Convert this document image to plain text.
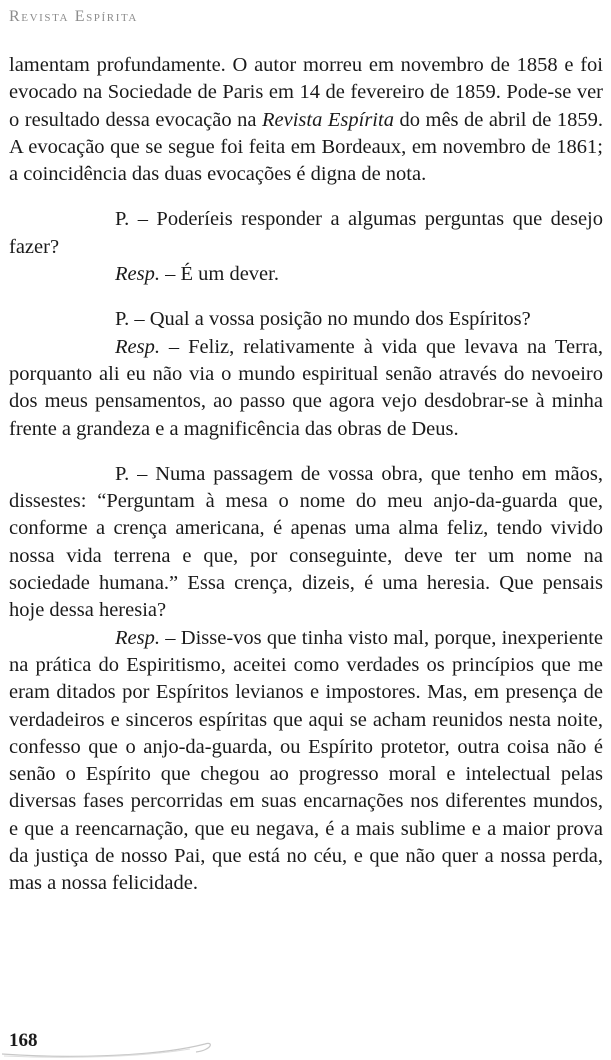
Revista Espírita

lamentam profundamente. O autor morreu em novembro de 1858 e foi evocado na Sociedade de Paris em 14 de fevereiro de 1859. Pode-se ver o resultado dessa evocação na Revista Espírita do mês de abril de 1859. A evocação que se segue foi feita em Bordeaux, em novembro de 1861; a coincidência das duas evocações é digna de nota.

P. – Poderíeis responder a algumas perguntas que desejo fazer?

Resp. – É um dever.

P. – Qual a vossa posição no mundo dos Espíritos?

Resp. – Feliz, relativamente à vida que levava na Terra, porquanto ali eu não via o mundo espiritual senão através do nevoeiro dos meus pensamentos, ao passo que agora vejo desdobrar-se à minha frente a grandeza e a magnificência das obras de Deus.

P. – Numa passagem de vossa obra, que tenho em mãos, dissestes: “Perguntam à mesa o nome do meu anjo-da-guarda que, conforme a crença americana, é apenas uma alma feliz, tendo vivido nossa vida terrena e que, por conseguinte, deve ter um nome na sociedade humana.” Essa crença, dizeis, é uma heresia. Que pensais hoje dessa heresia?

Resp. – Disse-vos que tinha visto mal, porque, inexperiente na prática do Espiritismo, aceitei como verdades os princípios que me eram ditados por Espíritos levianos e impostores. Mas, em presença de verdadeiros e sinceros espíritas que aqui se acham reunidos nesta noite, confesso que o anjo-da-guarda, ou Espírito protetor, outra coisa não é senão o Espírito que chegou ao progresso moral e intelectual pelas diversas fases percorridas em suas encarnações nos diferentes mundos, e que a reencarnação, que eu negava, é a mais sublime e a maior prova da justiça de nosso Pai, que está no céu, e que não quer a nossa perda, mas a nossa felicidade.

168
